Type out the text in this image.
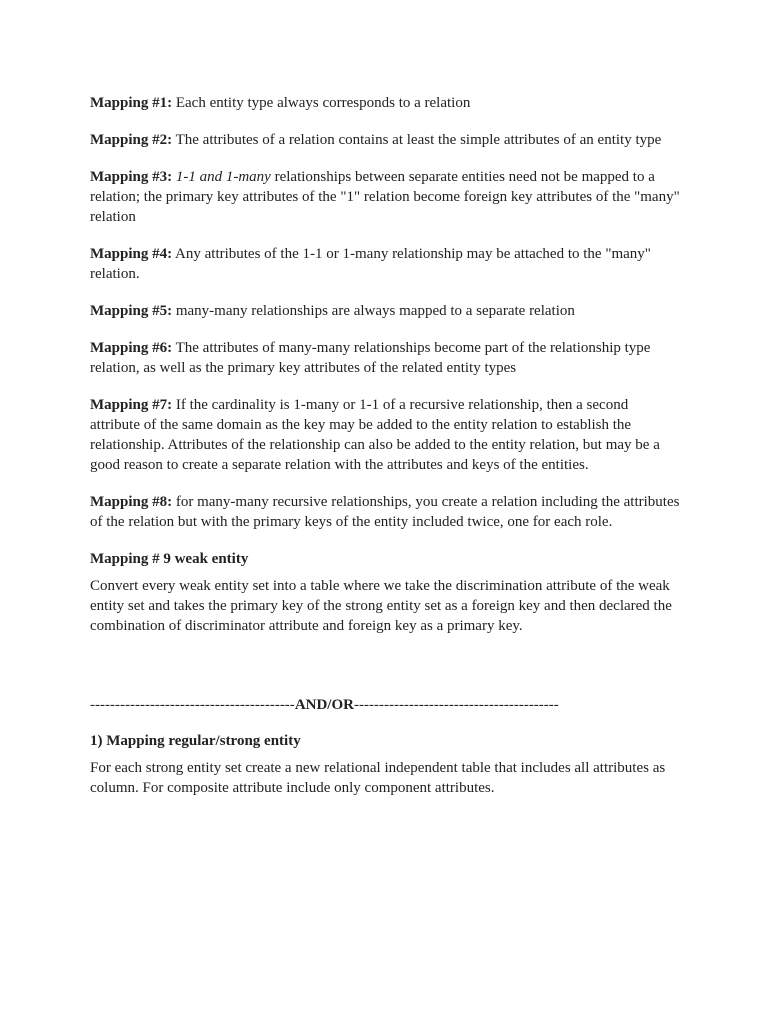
Mapping #1: Each entity type always corresponds to a relation

Mapping #2: The attributes of a relation contains at least the simple attributes of an entity type

Mapping #3: 1-1 and 1-many relationships between separate entities need not be mapped to a relation; the primary key attributes of the "1" relation become foreign key attributes of the "many" relation

Mapping #4: Any attributes of the 1-1 or 1-many relationship may be attached to the "many" relation.

Mapping #5: many-many relationships are always mapped to a separate relation

Mapping #6: The attributes of many-many relationships become part of the relationship type relation, as well as the primary key attributes of the related entity types

Mapping #7: If the cardinality is 1-many or 1-1 of a recursive relationship, then a second attribute of the same domain as the key may be added to the entity relation to establish the relationship. Attributes of the relationship can also be added to the entity relation, but may be a good reason to create a separate relation with the attributes and keys of the entities.

Mapping #8: for many-many recursive relationships, you create a relation including the attributes of the relation but with the primary keys of the entity included twice, one for each role.

Mapping # 9 weak entity

Convert every weak entity set into a table where we take the discrimination attribute of the weak entity set and takes the primary key of the strong entity set as a foreign key and then declared the combination of discriminator attribute and foreign key as a primary key.

-----------------------------------------AND/OR-----------------------------------------

1) Mapping regular/strong entity

For each strong entity set create a new relational independent table that includes all attributes as column. For composite attribute include only component attributes.
